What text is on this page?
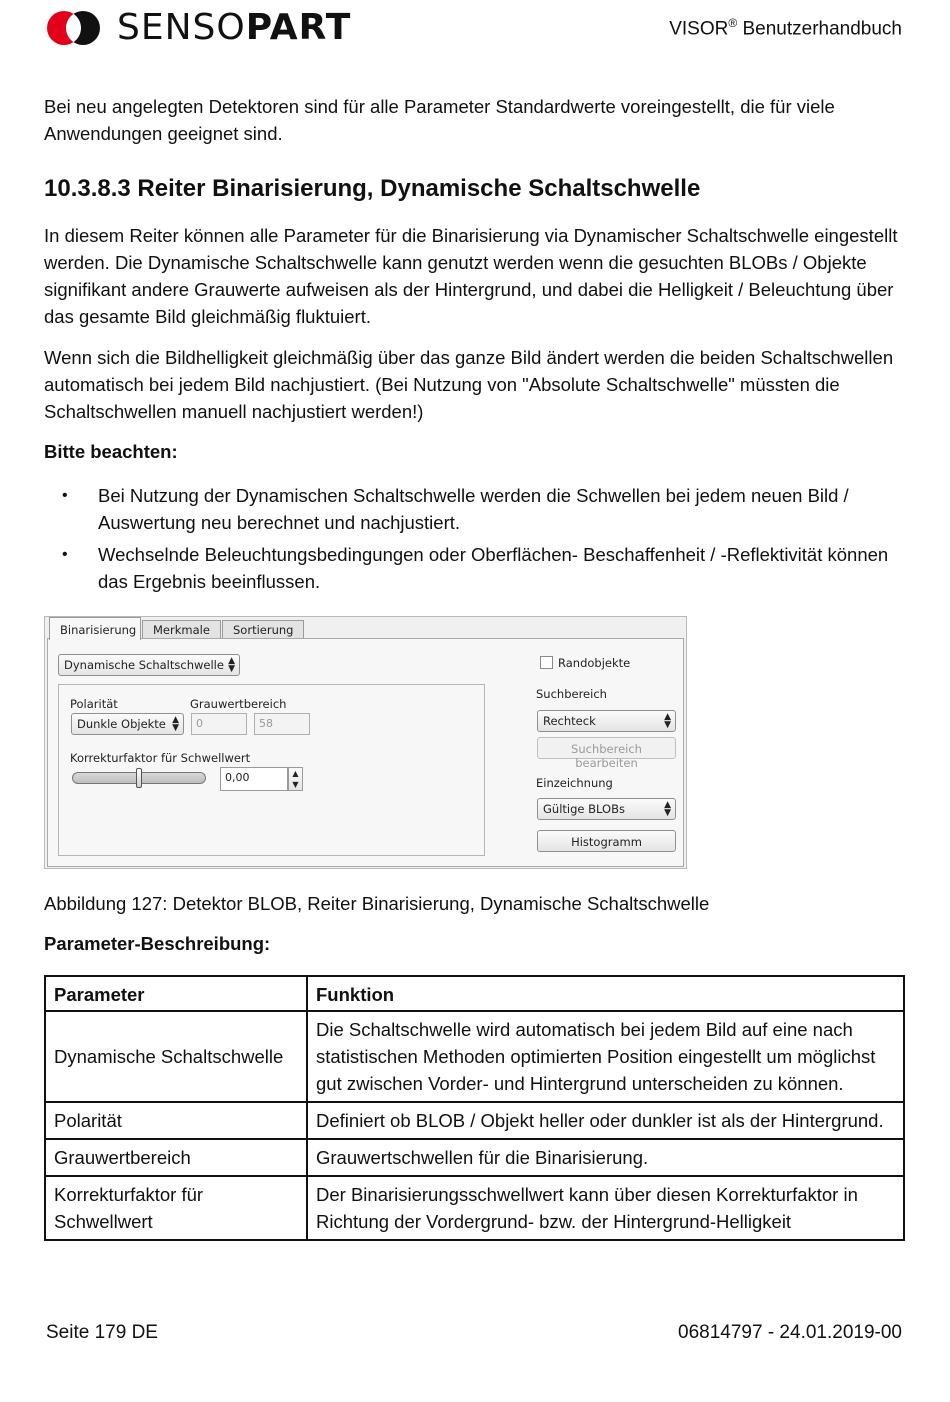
SENSOPART	VISOR® Benutzerhandbuch

Bei neu angelegten Detektoren sind für alle Parameter Standardwerte voreingestellt, die für viele Anwendungen geeignet sind.

10.3.8.3 Reiter Binarisierung, Dynamische Schaltschwelle

In diesem Reiter können alle Parameter für die Binarisierung via Dynamischer Schaltschwelle eingestellt werden. Die Dynamische Schaltschwelle kann genutzt werden wenn die gesuchten BLOBs / Objekte signifikant andere Grauwerte aufweisen als der Hintergrund, und dabei die Helligkeit / Beleuchtung über das gesamte Bild gleichmäßig fluktuiert.

Wenn sich die Bildhelligkeit gleichmäßig über das ganze Bild ändert werden die beiden Schaltschwellen automatisch bei jedem Bild nachjustiert. (Bei Nutzung von "Absolute Schaltschwelle" müssten die Schaltschwellen manuell nachjustiert werden!)

Bitte beachten:

• Bei Nutzung der Dynamischen Schaltschwelle werden die Schwellen bei jedem neuen Bild / Auswertung neu berechnet und nachjustiert.
• Wechselnde Beleuchtungsbedingungen oder Oberflächen- Beschaffenheit / -Reflektivität können das Ergebnis beeinflussen.
Binarisierung	Merkmale	Sortierung
Dynamische Schaltschwelle ▲
▼
Polarität	Grauwertbereich
Dunkle Objekte ▲
▼	0	58
Korrekturfaktor für Schwellwert
0,00	▲
▼
Randobjekte
Suchbereich
Rechteck	▲
▼
Suchbereich bearbeiten
Einzeichnung
Gültige BLOBs	▲
▼
Histogramm
Abbildung 127: Detektor BLOB, Reiter Binarisierung, Dynamische Schaltschwelle
Parameter-Beschreibung:
Parameter	Funktion
Dynamische Schaltschwelle	Die Schaltschwelle wird automatisch bei jedem Bild auf eine nach statistischen Methoden optimierten Position eingestellt um möglichst gut zwischen Vorder- und Hintergrund unterscheiden zu können.
Polarität	Definiert ob BLOB / Objekt heller oder dunkler ist als der Hintergrund.
Grauwertbereich	Grauwertschwellen für die Binarisierung.
Korrekturfaktor für Schwellwert	Der Binarisierungsschwellwert kann über diesen Korrekturfaktor in Richtung der Vordergrund- bzw. der Hintergrund-Helligkeit
Seite 179 DE	06814797 - 24.01.2019-00
